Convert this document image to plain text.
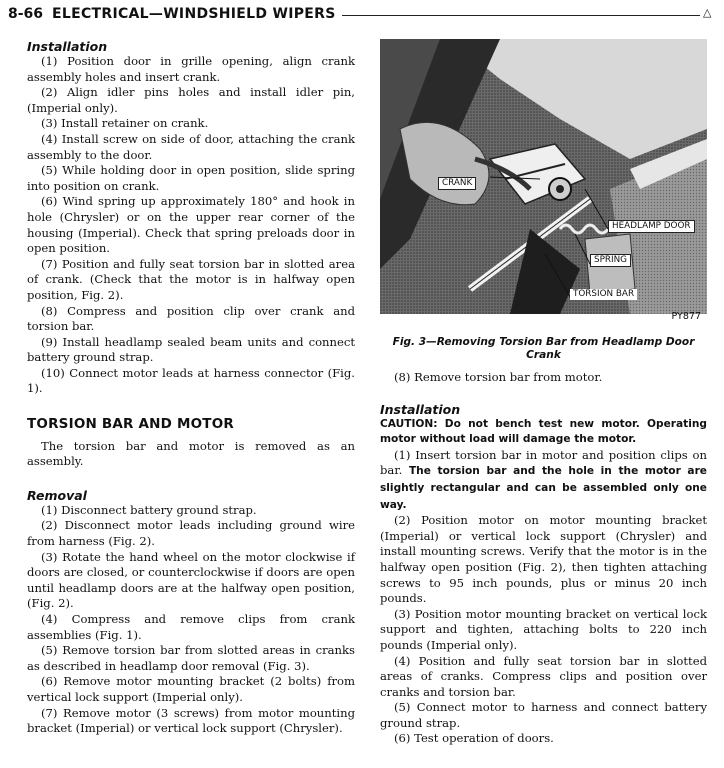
8-66 ELECTRICAL—WINDSHIELD WIPERS	△
Installation

(1) Position door in grille opening, align crank assembly holes and insert crank.

(2) Align idler pins holes and install idler pin, (Imperial only).

(3) Install retainer on crank.

(4) Install screw on side of door, attaching the crank assembly to the door.

(5) While holding door in open position, slide spring into position on crank.

(6) Wind spring up approximately 180° and hook in hole (Chrysler) or on the upper rear corner of the housing (Imperial). Check that spring preloads door in open position.

(7) Position and fully seat torsion bar in slotted area of crank. (Check that the motor is in halfway open position, Fig. 2).

(8) Compress and position clip over crank and torsion bar.

(9) Install headlamp sealed beam units and connect battery ground strap.

(10) Connect motor leads at harness connector (Fig. 1).

TORSION BAR AND MOTOR

The torsion bar and motor is removed as an assembly.

Removal

(1) Disconnect battery ground strap.

(2) Disconnect motor leads including ground wire from harness (Fig. 2).

(3) Rotate the hand wheel on the motor clockwise if doors are closed, or counterclockwise if doors are open until headlamp doors are at the halfway open position, (Fig. 2).

(4) Compress and remove clips from crank assemblies (Fig. 1).

(5) Remove torsion bar from slotted areas in cranks as described in headlamp door removal (Fig. 3).

(6) Remove motor mounting bracket (2 bolts) from vertical lock support (Imperial only).

(7) Remove motor (3 screws) from motor mounting bracket (Imperial) or vertical lock support (Chrysler).

CRANK
HEADLAMP DOOR
SPRING
TORSION BAR
PY877
Fig. 3—Removing Torsion Bar from Headlamp Door Crank

(8) Remove torsion bar from motor.

Installation

CAUTION: Do not bench test new motor. Operating motor without load will damage the motor.

(1) Insert torsion bar in motor and position clips on bar. The torsion bar and the hole in the motor are slightly rectangular and can be assembled only one way.

(2) Position motor on motor mounting bracket (Imperial) or vertical lock support (Chrysler) and install mounting screws. Verify that the motor is in the halfway open position (Fig. 2), then tighten attaching screws to 95 inch pounds, plus or minus 20 inch pounds.

(3) Position motor mounting bracket on vertical lock support and tighten, attaching bolts to 220 inch pounds (Imperial only).

(4) Position and fully seat torsion bar in slotted areas of cranks. Compress clips and position over cranks and torsion bar.

(5) Connect motor to harness and connect battery ground strap.

(6) Test operation of doors.
